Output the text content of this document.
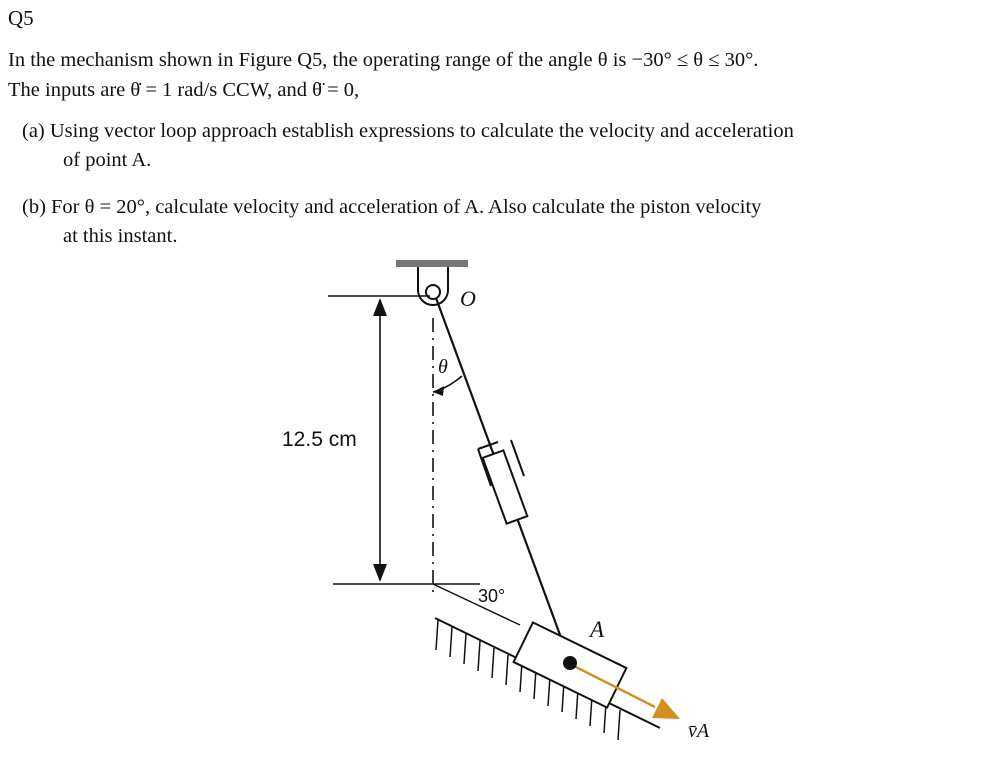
Q5
In the mechanism shown in Figure Q5, the operating range of the angle θ is −30° ≤ θ ≤ 30°.
The inputs are θ̇ = 1 rad/s CCW, and θ̈ = 0,
(a) Using vector loop approach establish expressions to calculate the velocity and acceleration
of point A.
(b) For θ = 20°, calculate velocity and acceleration of A. Also calculate the piston velocity
at this instant.
θ
O
12.5 cm
30°
A
v̄A
